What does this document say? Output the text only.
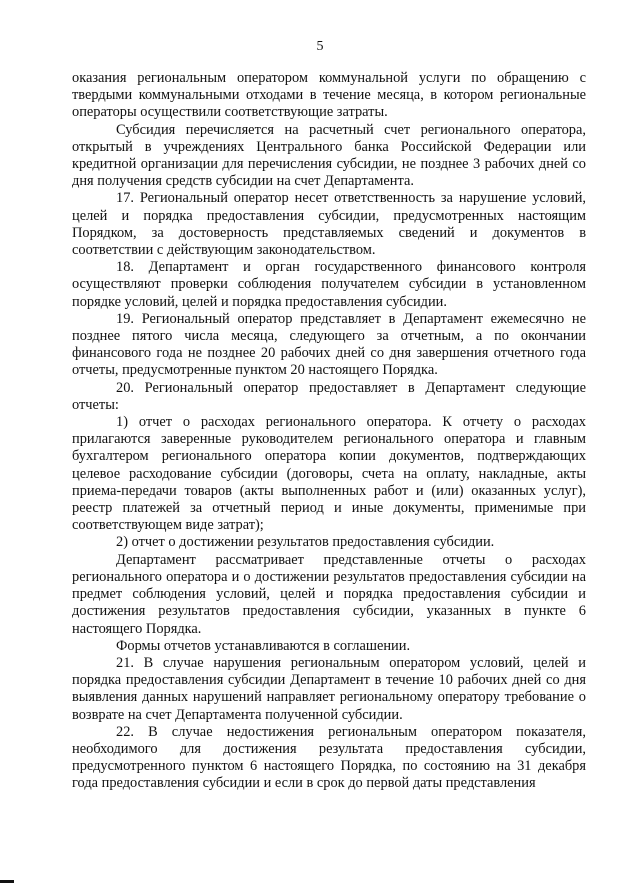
5

оказания региональным оператором коммунальной услуги по обращению с твердыми коммунальными отходами в течение месяца, в котором региональные операторы осуществили соответствующие затраты.

Субсидия перечисляется на расчетный счет регионального оператора, открытый в учреждениях Центрального банка Российской Федерации или кредитной организации для перечисления субсидии, не позднее 3 рабочих дней со дня получения средств субсидии на счет Департамента.

17. Региональный оператор несет ответственность за нарушение условий, целей и порядка предоставления субсидии, предусмотренных настоящим Порядком, за достоверность представляемых сведений и документов в соответствии с действующим законодательством.

18. Департамент и орган государственного финансового контроля осуществляют проверки соблюдения получателем субсидии в установленном порядке условий, целей и порядка предоставления субсидии.

19. Региональный оператор представляет в Департамент ежемесячно не позднее пятого числа месяца, следующего за отчетным, а по окончании финансового года не позднее 20 рабочих дней со дня завершения отчетного года отчеты, предусмотренные пунктом 20 настоящего Порядка.

20. Региональный оператор предоставляет в Департамент следующие отчеты:

1) отчет о расходах регионального оператора. К отчету о расходах прилагаются заверенные руководителем регионального оператора и главным бухгалтером регионального оператора копии документов, подтверждающих целевое расходование субсидии (договоры, счета на оплату, накладные, акты приема-передачи товаров (акты выполненных работ и (или) оказанных услуг), реестр платежей за отчетный период и иные документы, применимые при соответствующем виде затрат);

2) отчет о достижении результатов предоставления субсидии.

Департамент рассматривает представленные отчеты о расходах регионального оператора и о достижении результатов предоставления субсидии на предмет соблюдения условий, целей и порядка предоставления субсидии и достижения результатов предоставления субсидии, указанных в пункте 6 настоящего Порядка.

Формы отчетов устанавливаются в соглашении.

21. В случае нарушения региональным оператором условий, целей и порядка предоставления субсидии Департамент в течение 10 рабочих дней со дня выявления данных нарушений направляет региональному оператору требование о возврате на счет Департамента полученной субсидии.

22. В случае недостижения региональным оператором показателя, необходимого для достижения результата предоставления субсидии, предусмотренного пунктом 6 настоящего Порядка, по состоянию на 31 декабря года предоставления субсидии и если в срок до первой даты представления
